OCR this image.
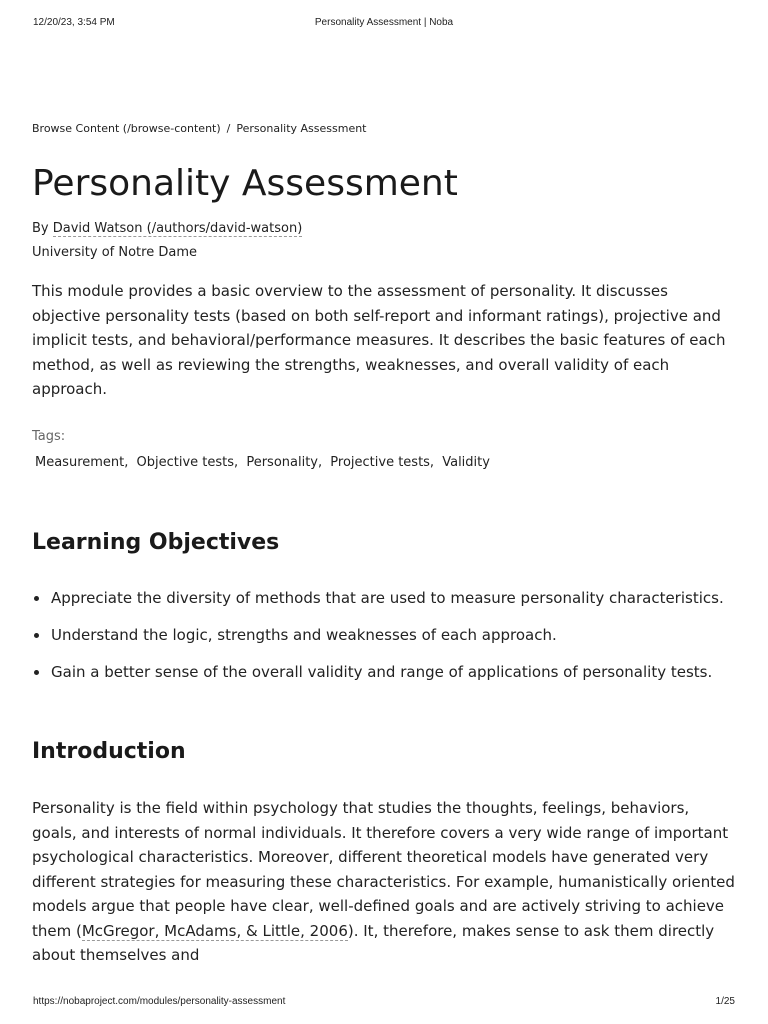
12/20/23, 3:54 PM	Personality Assessment | Noba
Browse Content (/browse-content) / Personality Assessment
Personality Assessment
By David Watson (/authors/david-watson)
University of Notre Dame

This module provides a basic overview to the assessment of personality. It discusses objective personality tests (based on both self-report and informant ratings), projective and implicit tests, and behavioral/performance measures. It describes the basic features of each method, as well as reviewing the strengths, weaknesses, and overall validity of each approach.

Tags:
Measurement, Objective tests, Personality, Projective tests, Validity
Learning Objectives
Appreciate the diversity of methods that are used to measure personality characteristics.
Understand the logic, strengths and weaknesses of each approach.
Gain a better sense of the overall validity and range of applications of personality tests.
Introduction

Personality is the field within psychology that studies the thoughts, feelings, behaviors, goals, and interests of normal individuals. It therefore covers a very wide range of important psychological characteristics. Moreover, different theoretical models have generated very different strategies for measuring these characteristics. For example, humanistically oriented models argue that people have clear, well-defined goals and are actively striving to achieve them (McGregor, McAdams, & Little, 2006). It, therefore, makes sense to ask them directly about themselves and

https://nobaproject.com/modules/personality-assessment	1/25
